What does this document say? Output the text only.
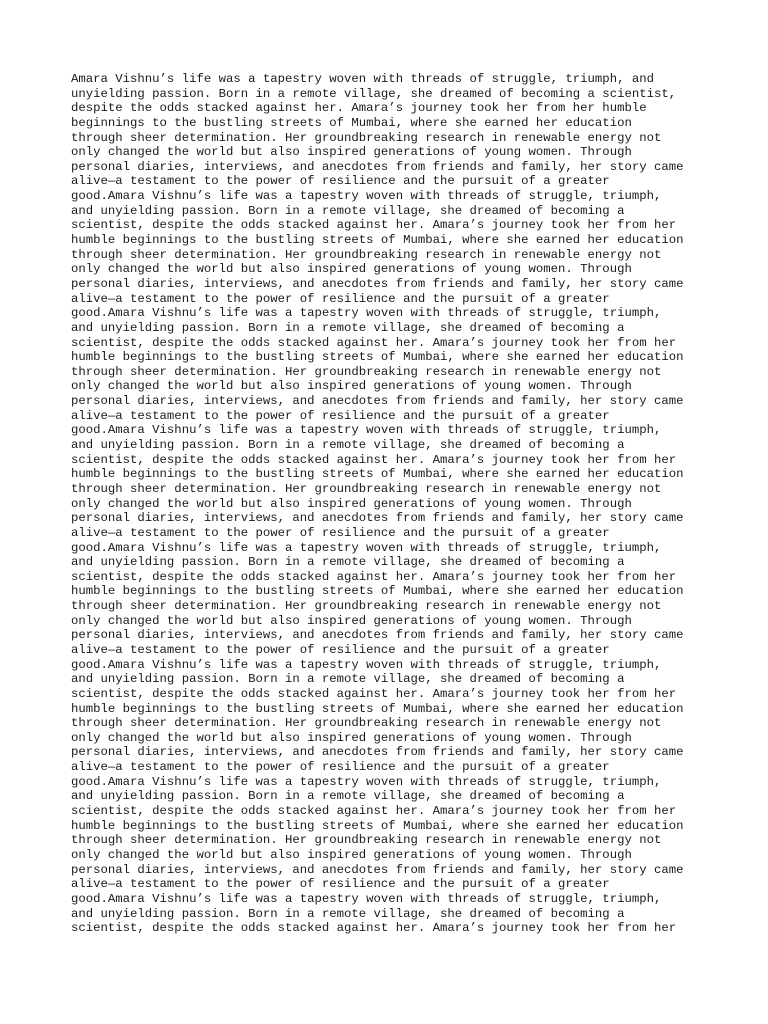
Amara Vishnu’s life was a tapestry woven with threads of struggle, triumph, and
unyielding passion. Born in a remote village, she dreamed of becoming a scientist,
despite the odds stacked against her. Amara’s journey took her from her humble
beginnings to the bustling streets of Mumbai, where she earned her education
through sheer determination. Her groundbreaking research in renewable energy not
only changed the world but also inspired generations of young women. Through
personal diaries, interviews, and anecdotes from friends and family, her story came
alive—a testament to the power of resilience and the pursuit of a greater
good.Amara Vishnu’s life was a tapestry woven with threads of struggle, triumph,
and unyielding passion. Born in a remote village, she dreamed of becoming a
scientist, despite the odds stacked against her. Amara’s journey took her from her
humble beginnings to the bustling streets of Mumbai, where she earned her education
through sheer determination. Her groundbreaking research in renewable energy not
only changed the world but also inspired generations of young women. Through
personal diaries, interviews, and anecdotes from friends and family, her story came
alive—a testament to the power of resilience and the pursuit of a greater
good.Amara Vishnu’s life was a tapestry woven with threads of struggle, triumph,
and unyielding passion. Born in a remote village, she dreamed of becoming a
scientist, despite the odds stacked against her. Amara’s journey took her from her
humble beginnings to the bustling streets of Mumbai, where she earned her education
through sheer determination. Her groundbreaking research in renewable energy not
only changed the world but also inspired generations of young women. Through
personal diaries, interviews, and anecdotes from friends and family, her story came
alive—a testament to the power of resilience and the pursuit of a greater
good.Amara Vishnu’s life was a tapestry woven with threads of struggle, triumph,
and unyielding passion. Born in a remote village, she dreamed of becoming a
scientist, despite the odds stacked against her. Amara’s journey took her from her
humble beginnings to the bustling streets of Mumbai, where she earned her education
through sheer determination. Her groundbreaking research in renewable energy not
only changed the world but also inspired generations of young women. Through
personal diaries, interviews, and anecdotes from friends and family, her story came
alive—a testament to the power of resilience and the pursuit of a greater
good.Amara Vishnu’s life was a tapestry woven with threads of struggle, triumph,
and unyielding passion. Born in a remote village, she dreamed of becoming a
scientist, despite the odds stacked against her. Amara’s journey took her from her
humble beginnings to the bustling streets of Mumbai, where she earned her education
through sheer determination. Her groundbreaking research in renewable energy not
only changed the world but also inspired generations of young women. Through
personal diaries, interviews, and anecdotes from friends and family, her story came
alive—a testament to the power of resilience and the pursuit of a greater
good.Amara Vishnu’s life was a tapestry woven with threads of struggle, triumph,
and unyielding passion. Born in a remote village, she dreamed of becoming a
scientist, despite the odds stacked against her. Amara’s journey took her from her
humble beginnings to the bustling streets of Mumbai, where she earned her education
through sheer determination. Her groundbreaking research in renewable energy not
only changed the world but also inspired generations of young women. Through
personal diaries, interviews, and anecdotes from friends and family, her story came
alive—a testament to the power of resilience and the pursuit of a greater
good.Amara Vishnu’s life was a tapestry woven with threads of struggle, triumph,
and unyielding passion. Born in a remote village, she dreamed of becoming a
scientist, despite the odds stacked against her. Amara’s journey took her from her
humble beginnings to the bustling streets of Mumbai, where she earned her education
through sheer determination. Her groundbreaking research in renewable energy not
only changed the world but also inspired generations of young women. Through
personal diaries, interviews, and anecdotes from friends and family, her story came
alive—a testament to the power of resilience and the pursuit of a greater
good.Amara Vishnu’s life was a tapestry woven with threads of struggle, triumph,
and unyielding passion. Born in a remote village, she dreamed of becoming a
scientist, despite the odds stacked against her. Amara’s journey took her from her
